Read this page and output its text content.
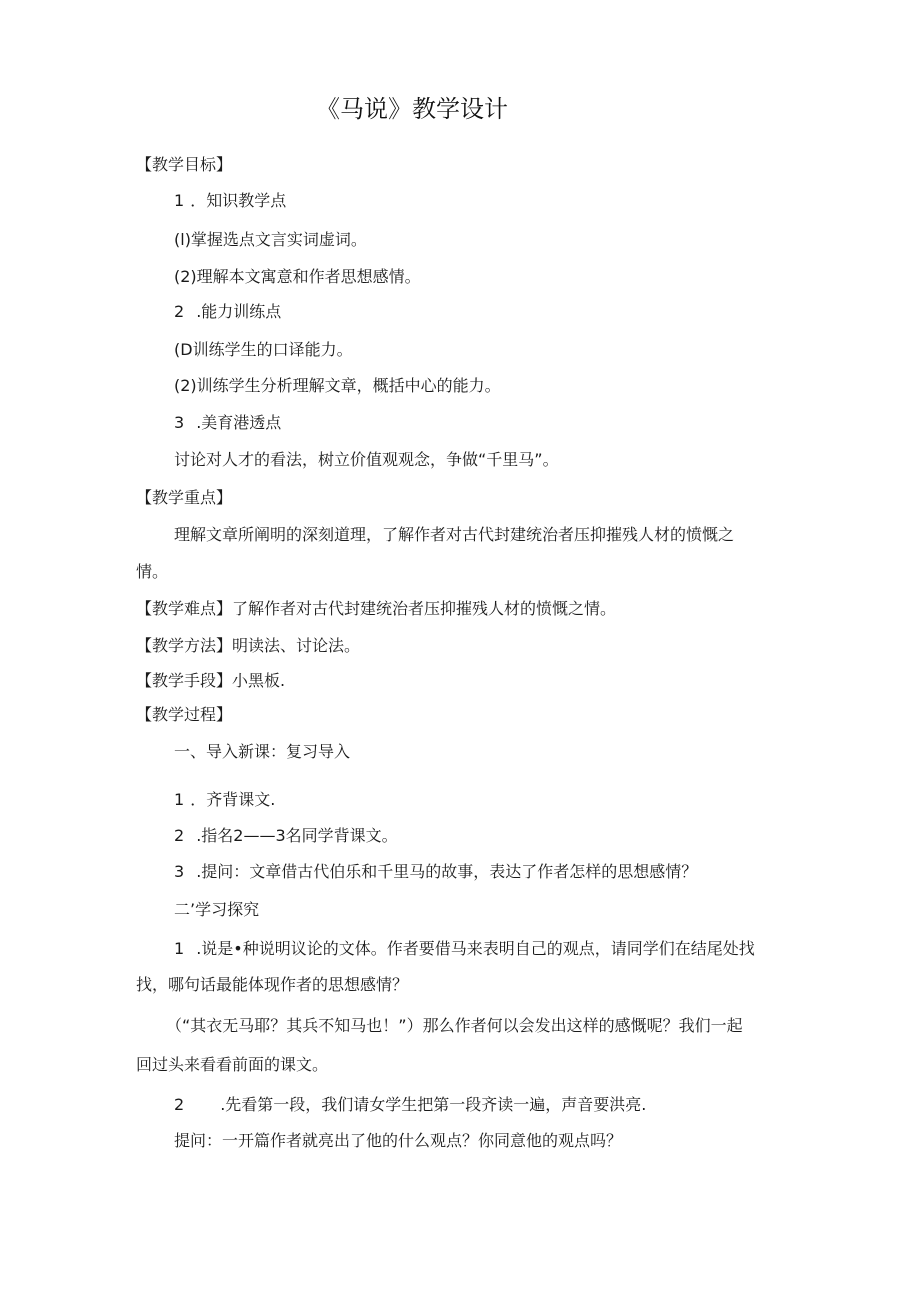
《马说》教学设计
【教学目标】
1 ．知识教学点
(l)掌握选点文言实词虚词。
(2)理解本文寓意和作者思想感情。
2 .能力训练点
(D训练学生的口译能力。
(2)训练学生分析理解文章，概括中心的能力。
3 .美育港透点
讨论对人才的看法，树立价值观观念，争做“千里马”。
【教学重点】
理解文章所阐明的深刻道理，了解作者对古代封建统治者压抑摧残人材的愤慨之
情。
【教学难点】了解作者对古代封建统治者压抑摧残人材的愤慨之情。
【教学方法】明读法、讨论法。
【教学手段】小黑板.
【教学过程】
一、导入新课：复习导入
1 ．齐背课文.
2 .指名2——3名同学背课文。
3 .提问：文章借古代伯乐和千里马的故事，表达了作者怎样的思想感情？
二’学习探究
1 .说是•种说明议论的文体。作者要借马来表明自己的观点，请同学们在结尾处找
找，哪句话最能体现作者的思想感情？
（“其衣无马耶？其兵不知马也！”）那么作者何以会发出这样的感慨呢？我们一起
回过头来看看前面的课文。
2 .先看第一段，我们请女学生把第一段齐读一遍，声音要洪亮.
提问：一开篇作者就亮出了他的什么观点？你同意他的观点吗？
